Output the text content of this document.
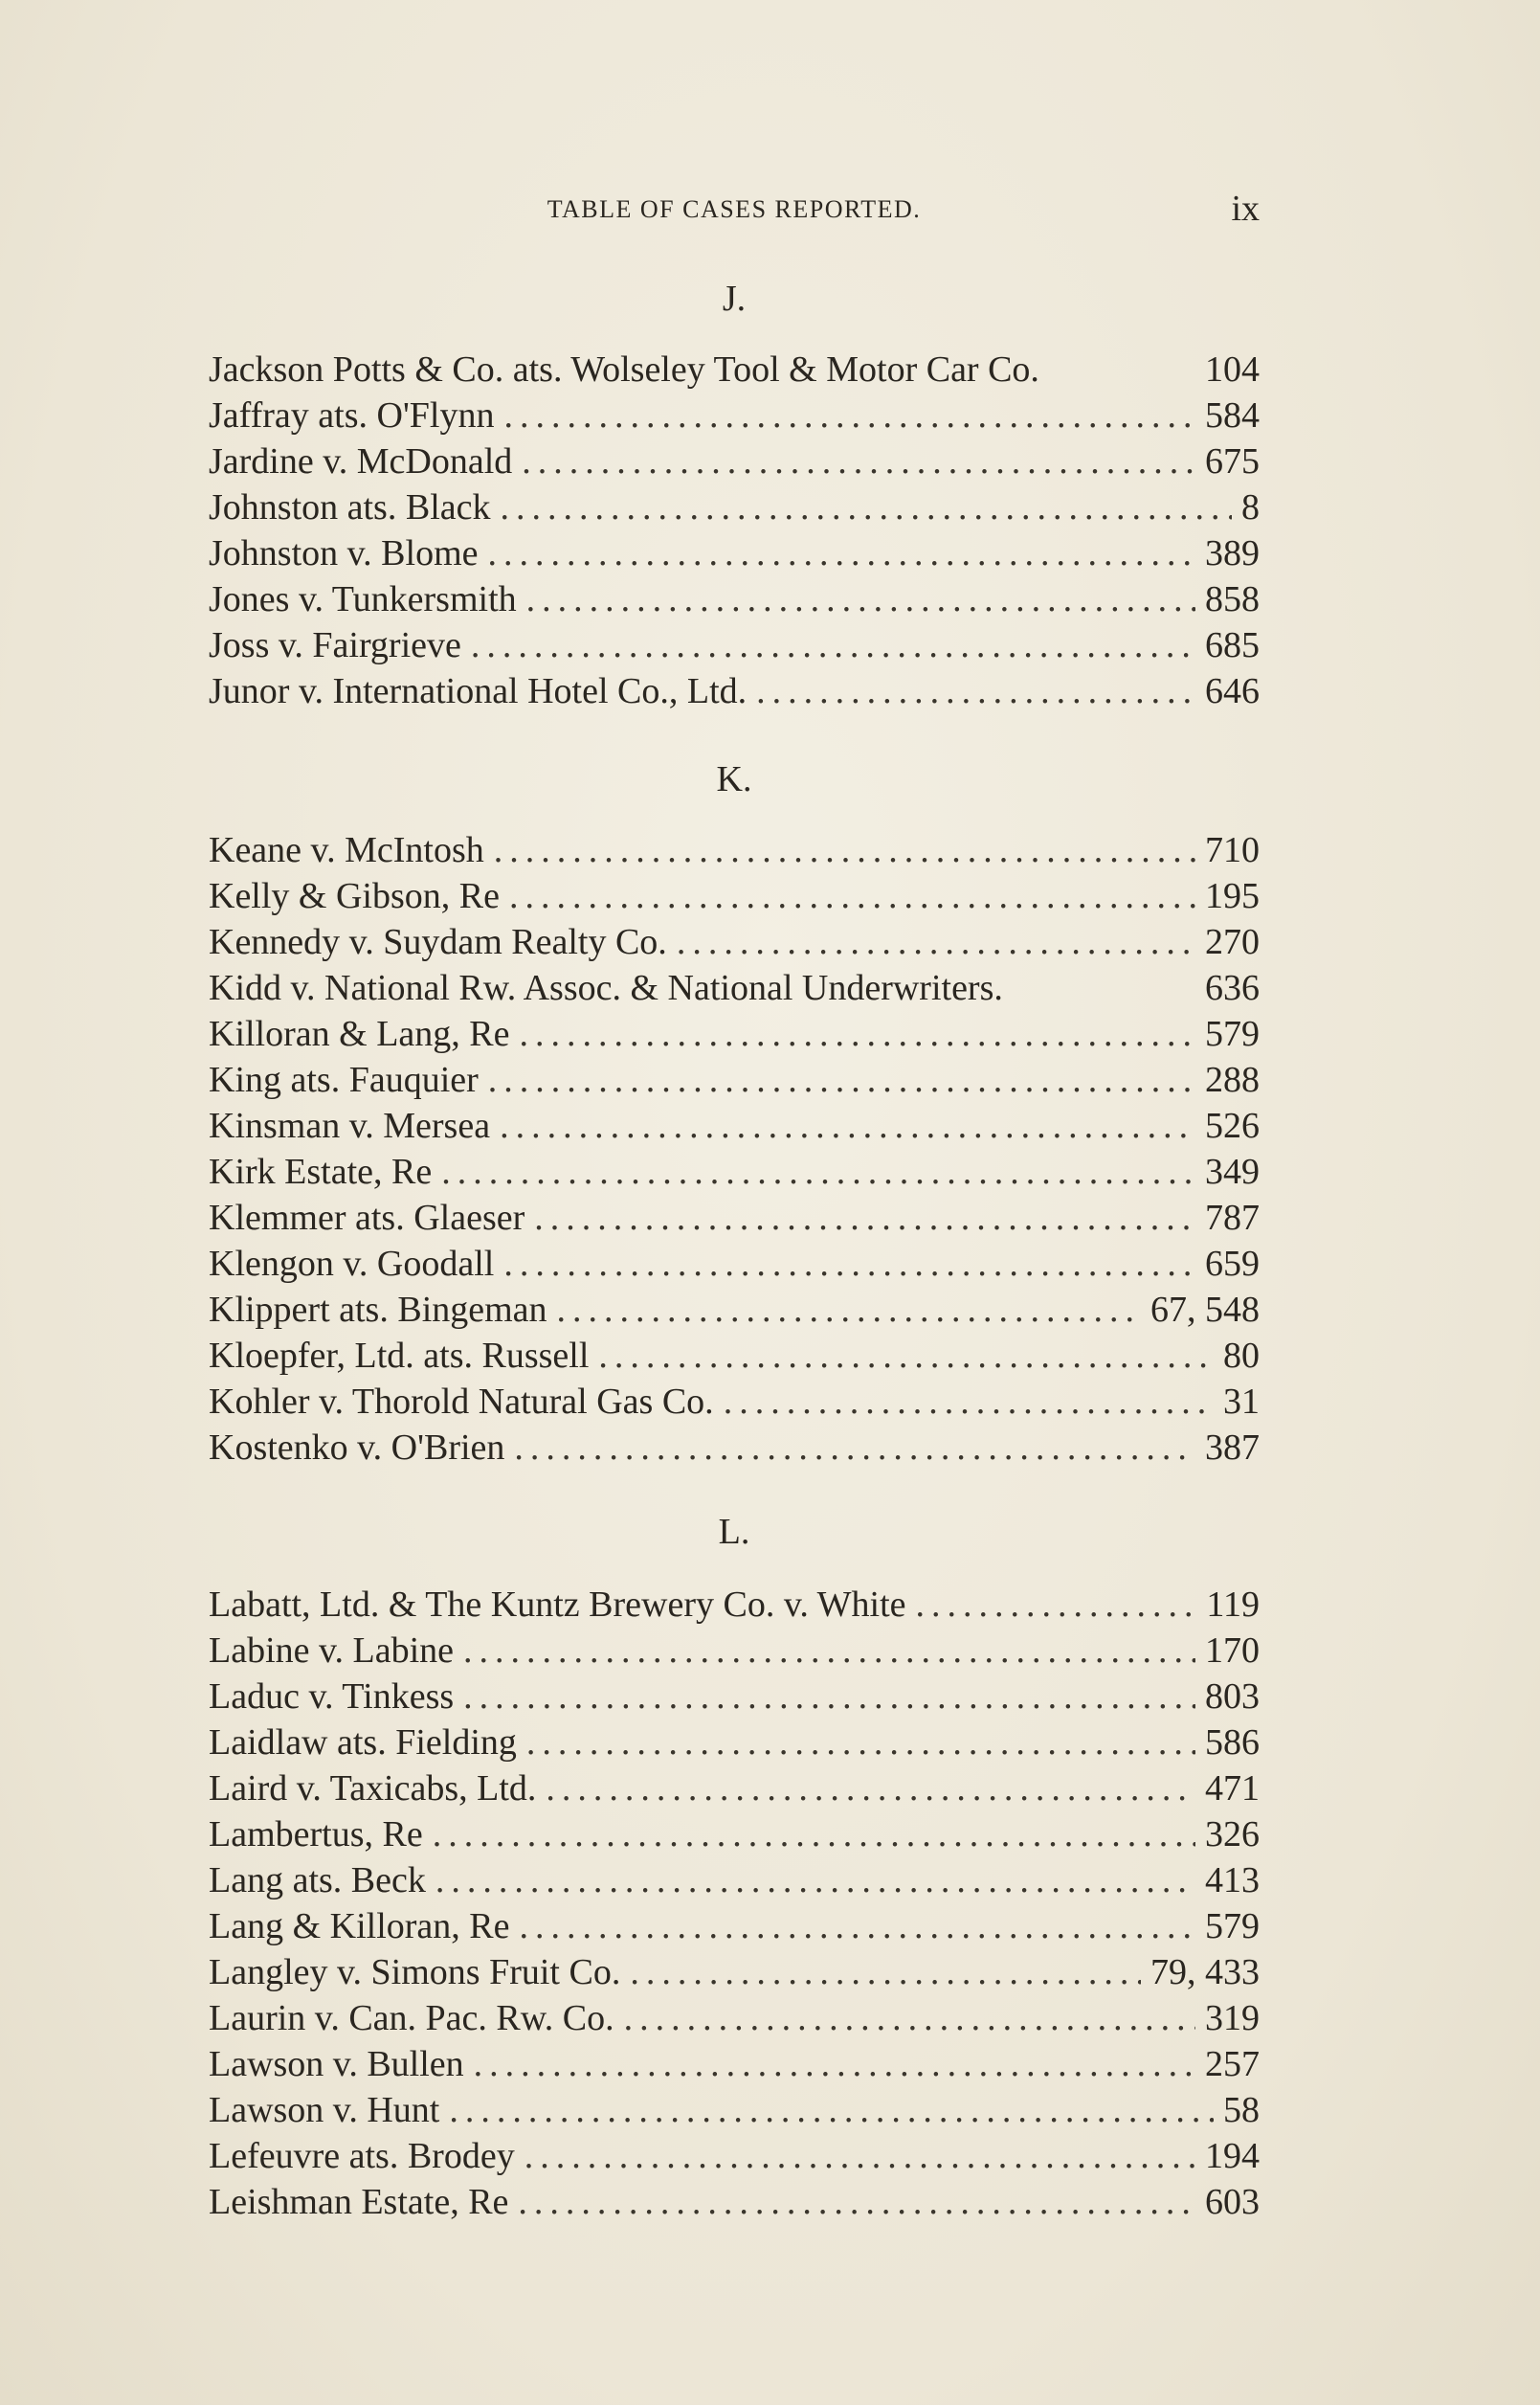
TABLE OF CASES REPORTED.	ix
J.
Jackson Potts & Co. ats. Wolseley Tool & Motor Car Co.	104
Jaffray ats. O'Flynn .....	584
Jardine v. McDonald .....	675
Johnston ats. Black .....	8
Johnston v. Blome .....	389
Jones v. Tunkersmith .....	858
Joss v. Fairgrieve .....	685
Junor v. International Hotel Co., Ltd. .....	646
K.
Keane v. McIntosh .....	710
Kelly & Gibson, Re .....	195
Kennedy v. Suydam Realty Co. .....	270
Kidd v. National Rw. Assoc. & National Underwriters.	636
Killoran & Lang, Re .....	579
King ats. Fauquier .....	288
Kinsman v. Mersea .....	526
Kirk Estate, Re .....	349
Klemmer ats. Glaeser .....	787
Klengon v. Goodall .....	659
Klippert ats. Bingeman .....	67, 548
Kloepfer, Ltd. ats. Russell .....	80
Kohler v. Thorold Natural Gas Co. .....	31
Kostenko v. O'Brien .....	387
L.
Labatt, Ltd. & The Kuntz Brewery Co. v. White .....	119
Labine v. Labine .....	170
Laduc v. Tinkess .....	803
Laidlaw ats. Fielding .....	586
Laird v. Taxicabs, Ltd. .....	471
Lambertus, Re .....	326
Lang ats. Beck .....	413
Lang & Killoran, Re .....	579
Langley v. Simons Fruit Co. .....	79, 433
Laurin v. Can. Pac. Rw. Co. .....	319
Lawson v. Bullen .....	257
Lawson v. Hunt .....	58
Lefeuvre ats. Brodey .....	194
Leishman Estate, Re .....	603
